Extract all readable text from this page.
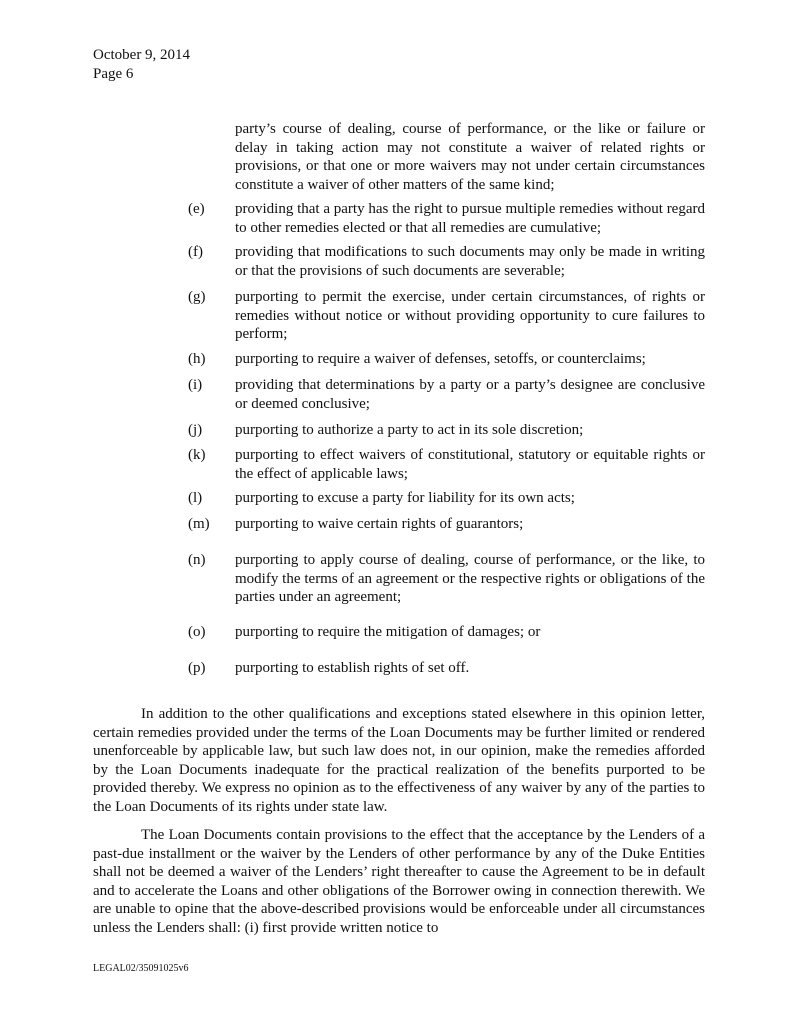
October 9, 2014
Page 6
party’s course of dealing, course of performance, or the like or failure or delay in taking action may not constitute a waiver of related rights or provisions, or that one or more waivers may not under certain circumstances constitute a waiver of other matters of the same kind;
(e) providing that a party has the right to pursue multiple remedies without regard to other remedies elected or that all remedies are cumulative;
(f) providing that modifications to such documents may only be made in writing or that the provisions of such documents are severable;
(g) purporting to permit the exercise, under certain circumstances, of rights or remedies without notice or without providing opportunity to cure failures to perform;
(h) purporting to require a waiver of defenses, setoffs, or counterclaims;
(i) providing that determinations by a party or a party’s designee are conclusive or deemed conclusive;
(j) purporting to authorize a party to act in its sole discretion;
(k) purporting to effect waivers of constitutional, statutory or equitable rights or the effect of applicable laws;
(l) purporting to excuse a party for liability for its own acts;
(m) purporting to waive certain rights of guarantors;
(n) purporting to apply course of dealing, course of performance, or the like, to modify the terms of an agreement or the respective rights or obligations of the parties under an agreement;
(o) purporting to require the mitigation of damages; or
(p) purporting to establish rights of set off.
In addition to the other qualifications and exceptions stated elsewhere in this opinion letter, certain remedies provided under the terms of the Loan Documents may be further limited or rendered unenforceable by applicable law, but such law does not, in our opinion, make the remedies afforded by the Loan Documents inadequate for the practical realization of the benefits purported to be provided thereby. We express no opinion as to the effectiveness of any waiver by any of the parties to the Loan Documents of its rights under state law.
The Loan Documents contain provisions to the effect that the acceptance by the Lenders of a past-due installment or the waiver by the Lenders of other performance by any of the Duke Entities shall not be deemed a waiver of the Lenders’ right thereafter to cause the Agreement to be in default and to accelerate the Loans and other obligations of the Borrower owing in connection therewith. We are unable to opine that the above-described provisions would be enforceable under all circumstances unless the Lenders shall: (i) first provide written notice to
LEGAL02/35091025v6
